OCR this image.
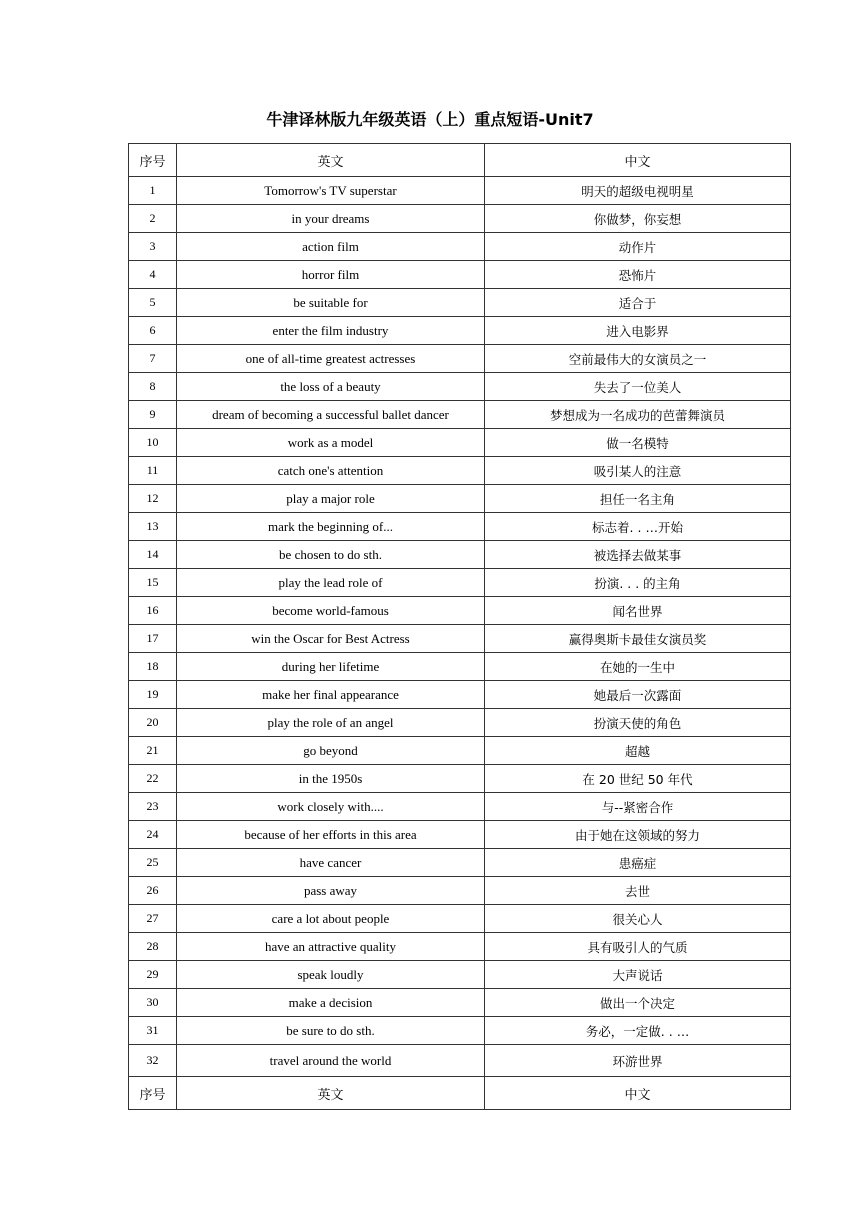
牛津译林版九年级英语（上）重点短语-Unit7
序号	英文	中文
1	Tomorrow's TV superstar	明天的超级电视明星
2	in your dreams	你做梦，你妄想
3	action film	动作片
4	horror film	恐怖片
5	be suitable for	适合于
6	enter the film industry	进入电影界
7	one of all-time greatest actresses	空前最伟大的女演员之一
8	the loss of a beauty	失去了一位美人
9	dream of becoming a successful ballet dancer	梦想成为一名成功的芭蕾舞演员
10	work as a model	做一名模特
11	catch one's attention	吸引某人的注意
12	play a major role	担任一名主角
13	mark the beginning of...	标志着. . …开始
14	be chosen to do sth.	被选择去做某事
15	play the lead role of	扮演. . . 的主角
16	become world-famous	闻名世界
17	win the Oscar for Best Actress	赢得奥斯卡最佳女演员奖
18	during her lifetime	在她的一生中
19	make her final appearance	她最后一次露面
20	play the role of an angel	扮演天使的角色
21	go beyond	超越
22	in the 1950s	在 20 世纪 50 年代
23	work closely with....	与--紧密合作
24	because of her efforts in this area	由于她在这领域的努力
25	have cancer	患癌症
26	pass away	去世
27	care a lot about people	很关心人
28	have an attractive quality	具有吸引人的气质
29	speak loudly	大声说话
30	make a decision	做出一个决定
31	be sure to do sth.	务必，一定做. . …
32	travel around the world	环游世界
序号	英文	中文
